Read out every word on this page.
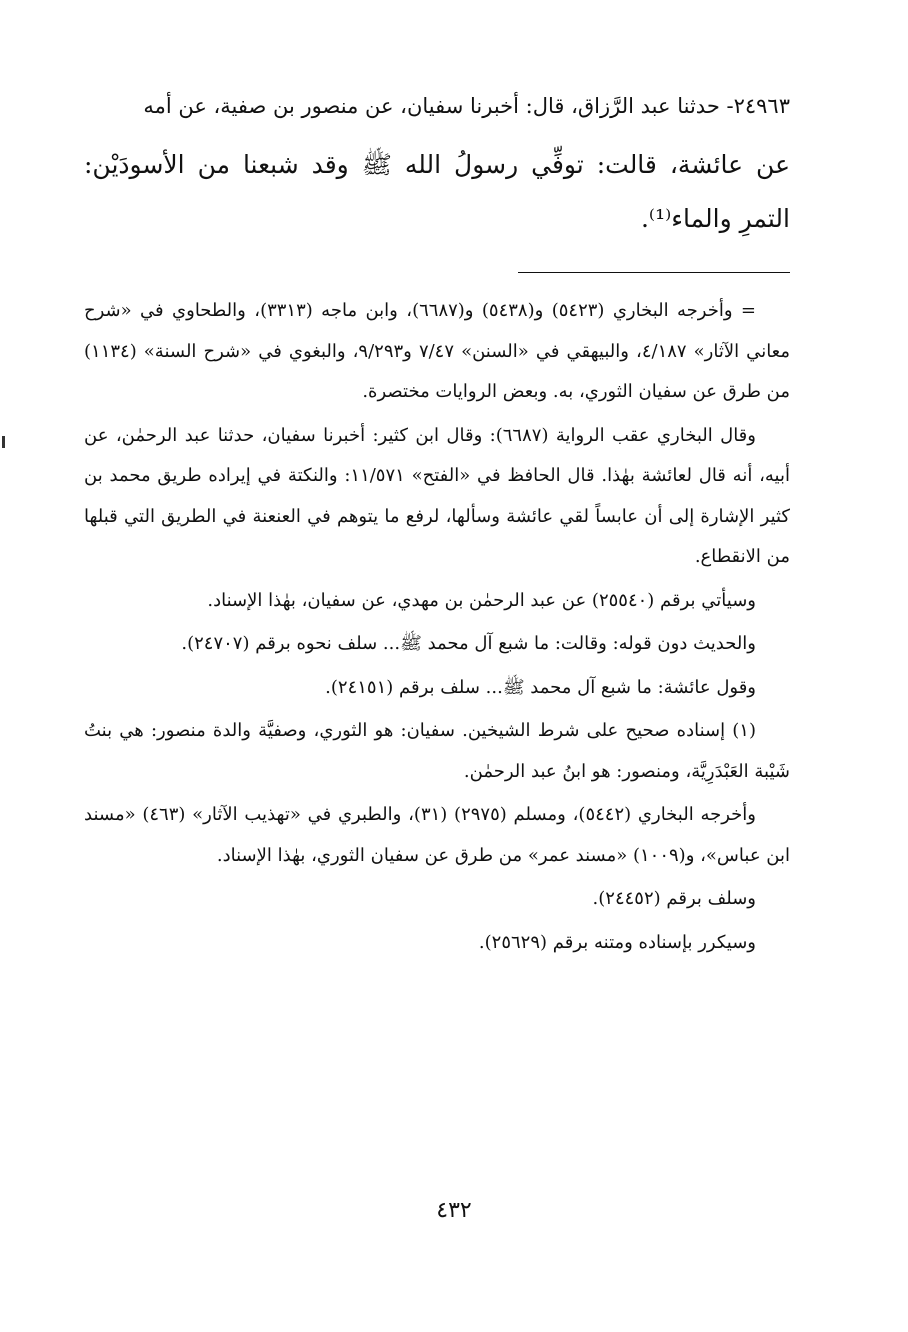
٢٤٩٦٣- حدثنا عبد الرَّزاق، قال: أخبرنا سفيان، عن منصور بن صفية، عن أمه

عن عائشة، قالت: توفِّي رسولُ الله ﷺ وقد شبعنا من الأسودَيْن: التمرِ والماء⁽¹⁾.

= وأخرجه البخاري (٥٤٢٣) و(٥٤٣٨) و(٦٦٨٧)، وابن ماجه (٣٣١٣)، والطحاوي في «شرح معاني الآثار» ٤/١٨٧، والبيهقي في «السنن» ٧/٤٧ و٩/٢٩٣، والبغوي في «شرح السنة» (١١٣٤) من طرق عن سفيان الثوري، به. وبعض الروايات مختصرة.

وقال البخاري عقب الرواية (٦٦٨٧): وقال ابن كثير: أخبرنا سفيان، حدثنا عبد الرحمٰن، عن أبيه، أنه قال لعائشة بهٰذا. قال الحافظ في «الفتح» ١١/٥٧١: والنكتة في إيراده طريق محمد بن كثير الإشارة إلى أن عابساً لقي عائشة وسألها، لرفع ما يتوهم في العنعنة في الطريق التي قبلها من الانقطاع.

وسيأتي برقم (٢٥٥٤٠) عن عبد الرحمٰن بن مهدي، عن سفيان، بهٰذا الإسناد.

والحديث دون قوله: وقالت: ما شبع آل محمد ﷺ... سلف نحوه برقم (٢٤٧٠٧).

وقول عائشة: ما شبع آل محمد ﷺ... سلف برقم (٢٤١٥١).

(١) إسناده صحيح على شرط الشيخين. سفيان: هو الثوري، وصفيَّة والدة منصور: هي بنتُ شَيْبة العَبْدَرِيَّة، ومنصور: هو ابنُ عبد الرحمٰن.

وأخرجه البخاري (٥٤٤٢)، ومسلم (٢٩٧٥) (٣١)، والطبري في «تهذيب الآثار» (٤٦٣) «مسند ابن عباس»، و(١٠٠٩) «مسند عمر» من طرق عن سفيان الثوري، بهٰذا الإسناد.

وسلف برقم (٢٤٤٥٢).

وسيكرر بإسناده ومتنه برقم (٢٥٦٢٩).

٤٣٢
